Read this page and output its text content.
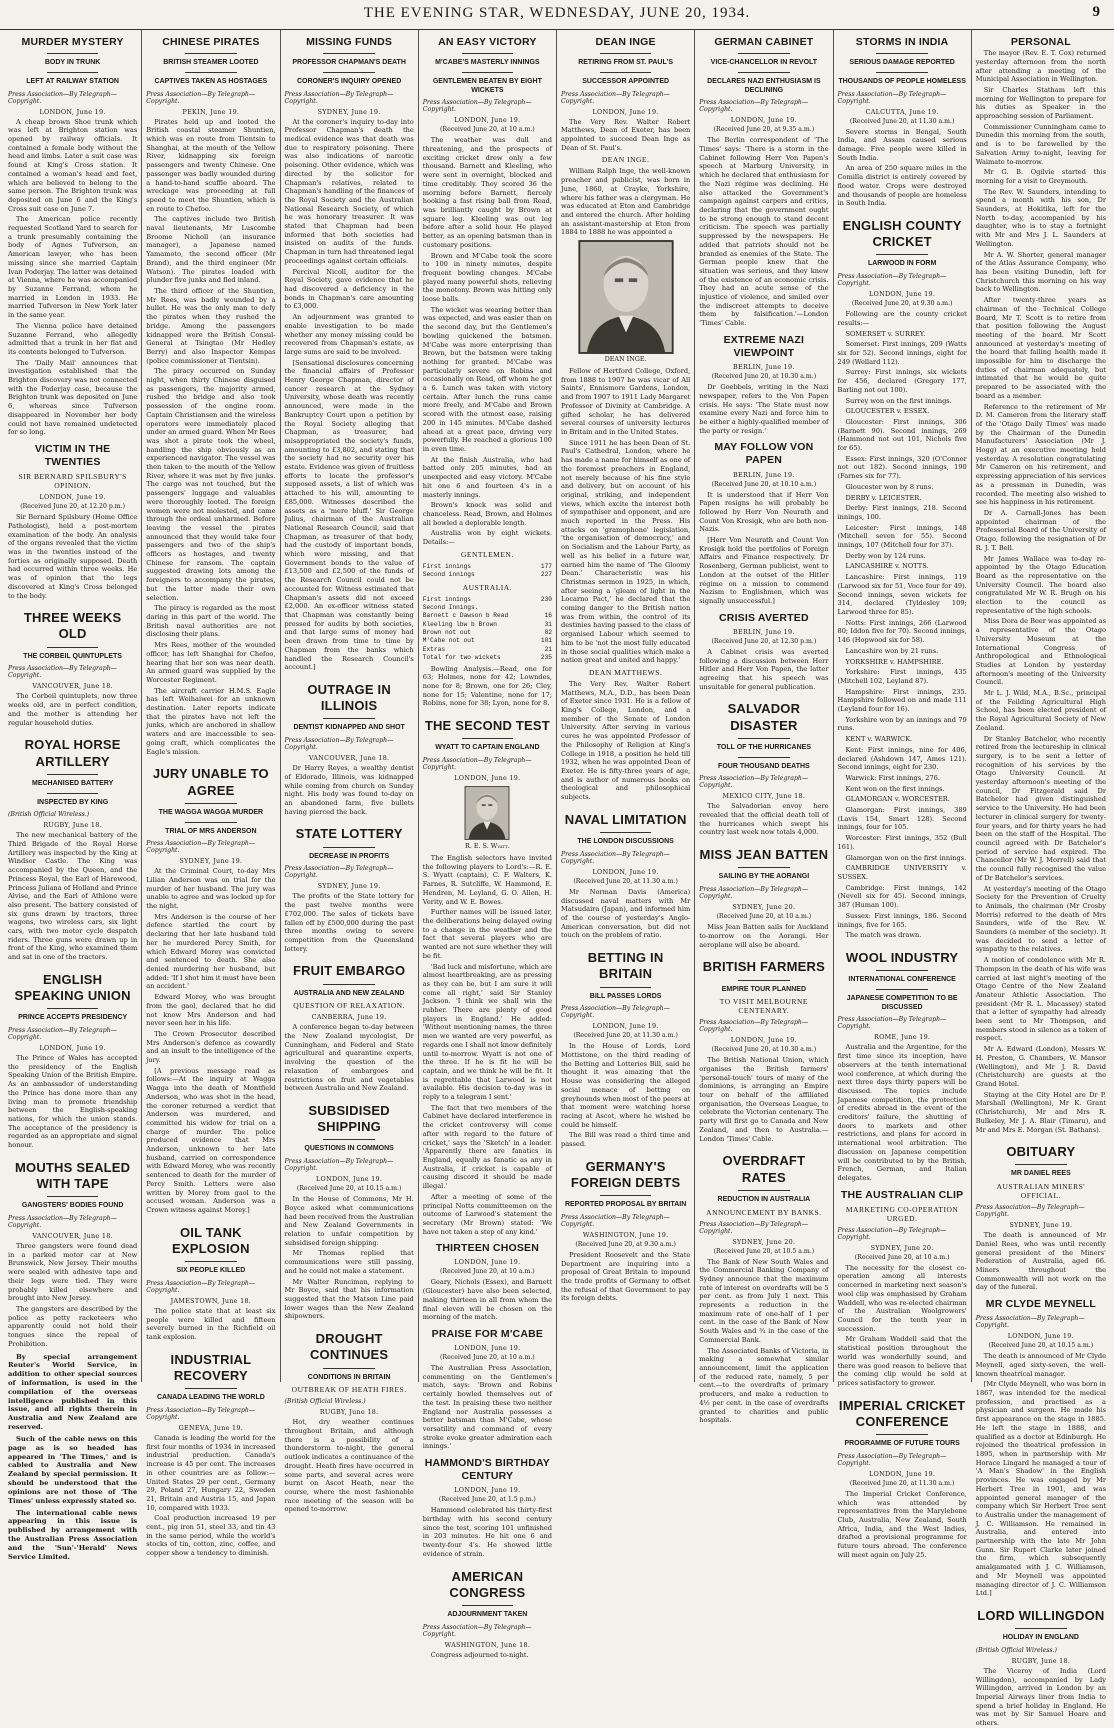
THE EVENING STAR, WEDNESDAY, JUNE 20, 1934.	9
MURDER MYSTERY
BODY IN TRUNK
LEFT AT RAILWAY STATION
Press Association—By Telegraph—Copyright.
LONDON, June 19.

A cheap brown Shoe trunk which was left at Brighton station was opened by railway officials. It contained a female body without the head and limbs. Later a suit case was found at King's Cross station. It contained a woman's head and feet, which are believed to belong to the same person. The Brighton trunk was deposited on June 6 and the King's Cross suit case on June 7.

The American police recently requested Scotland Yard to search for a trunk presumably containing the body of Agnes Tufverson, an American lawyer, who has been missing since she married Captain Ivan Poderjay. The latter was detained at Vienna, where he was accompanied by Suzanne Ferrand, whom he married in London in 1933. He married Tufverson in New York later in the same year.

The Vienna police have detained Suzanne Ferrand, who allegedly admitted that a trunk in her flat and its contents belonged to Tufverson.

The 'Daily Mail' announces that investigation established that the Brighton discovery was not connected with the Poderjay case, because the Brighton trunk was deposited on June 6, whereas since Tufverson disappeared in November her body could not have remained undetected for so long.

VICTIM IN THE TWENTIES
SIR BERNARD SPILSBURY'S OPINION.
LONDON, June 19.
(Received June 20, at 12.20 p.m.)

Sir Bernard Spilsbury (Home Office Pathologist), held a post-mortem examination of the body. An analysis of the organs revealed that the victim was in the twenties instead of the forties as originally supposed. Death had occurred within three weeks. He was of opinion that the legs discovered at King's Cross belonged to the body.

THREE WEEKS OLD
THE CORBEIL QUINTUPLETS
Press Association—By Telegraph—Copyright.
VANCOUVER, June 18.

The Corbeil quintuplets, now three weeks old, are in perfect condition, and the mother is attending her regular household duties.

ROYAL HORSE ARTILLERY
MECHANISED BATTERY
INSPECTED BY KING
(British Official Wireless.)
RUGBY, June 18.

The new mechanical battery of the Third Brigade of the Royal Horse Artillery was inspected by the King at Windsor Castle. The King was accompanied by the Queen, and the Princess Royal, the Earl of Harewood, Princess Juliana of Holland and Prince Alvise, and the Earl of Athlone were also present. The battery consisted of six guns drawn by tractors, three wagons, two wireless cars, six light cars, with two motor cycle despatch riders. Three guns were drawn up in front of the King, who examined them and sat in one of the tractors.

ENGLISH SPEAKING UNION
PRINCE ACCEPTS PRESIDENCY
Press Association—By Telegraph—Copyright.
LONDON, June 19.

The Prince of Wales has accepted the presidency of the English Speaking Union of the British Empire. As an ambassador of understanding the Prince has done more than any living man to promote friendship between the English-speaking nations, for which the union stands. The acceptance of the presidency is regarded as an appropriate and signal honour.

MOUTHS SEALED WITH TAPE
GANGSTERS' BODIES FOUND
Press Association—By Telegraph—Copyright.
VANCOUVER, June 18.

Three gangsters were found dead in a parked motor car at New Brunswick, New Jersey. Their mouths were sealed with adhesive tape and their legs were tied. They were probably killed elsewhere and brought into New Jersey.

The gangsters are described by the police as petty racketeers who apparently could not hold their tongues since the repeal of Prohibition.

By special arrangement Reuter's World Service, in addition to other special sources of information, is used in the compilation of the overseas intelligence published in this issue, and all rights therein in Australia and New Zealand are reserved.

Such of the cable news on this page as is so headed has appeared in 'The Times,' and is cabled to Australia and New Zealand by special permission. It should be understood that the opinions are not those of 'The Times' unless expressly stated so.

The international cable news appearing in this issue is published by arrangement with the Australian Press Association and the 'Sun'-'Herald' News Service Limited.

CHINESE PIRATES
BRITISH STEAMER LOOTED
CAPTIVES TAKEN AS HOSTAGES
Press Association—By Telegraph—Copyright.
PEKIN, June 19.

Pirates held up and looted the British coastal steamer Shuntien, which was en route from Tientsin to Shanghai, at the mouth of the Yellow River, kidnapping six foreign passengers and twenty Chinese. One passenger was badly wounded during a hand-to-hand scuffle aboard. The wreckage was proceeding at full speed to meet the Shuntien, which is en route to Chefoo.

The captives include two British naval lieutenants, Mr Luscombe Broome Nicholl (an insurance manager), a Japanese named Yamamoto, the second officer (Mr Brand), and the third engineer (Mr Watson). The pirates loaded with plunder five junks and fled inland.

The third officer of the Shuntien, Mr Rees, was badly wounded by a bullet. He was the only man to defy the pirates when they rushed the bridge. Among the passengers kidnapped were the British Consul-General at Tsingtao (Mr Hedley Berry) and also Inspector Kempas (police commissioner at Tientsin).

The piracy occurred on Sunday night, when thirty Chinese disguised as passengers, the majority armed, rushed the bridge and also took possession of the engine room. Captain Christiansen and the wireless operators were immediately placed under an armed guard. When Mr Rees was shot a pirate took the wheel, handling the ship obviously as an experienced navigator. The vessel was then taken to the mouth of the Yellow River, where it was met by five junks. The cargo was not touched, but the passengers' luggage and valuables were thoroughly looted. The foreign women were not molested, and came through the ordeal unharmed. Before leaving the vessel the pirates announced that they would take four passengers and two of the ship's officers as hostages, and twenty Chinese for ransom. The captain suggested drawing lots among the foreigners to accompany the pirates, but the latter made their own selection.

The piracy is regarded as the most daring in this part of the world. The British naval authorities are not disclosing their plans.

Mrs Rees, mother of the wounded officer, has left Shanghai for Chefoo, hearing that her son was near death. An armed guard was supplied by the Worcester Regiment.

The aircraft carrier H.M.S. Eagle has left Weihaiwei for an unknown destination. Later reports indicate that the pirates have not left the junks, which are anchored in shallow waters and are inaccessible to sea-going craft, which complicates the Eagle's mission.

JURY UNABLE TO AGREE
THE WAGGA WAGGA MURDER
TRIAL OF MRS ANDERSON
Press Association—By Telegraph—Copyright.
SYDNEY, June 19.

At the Criminal Court, to-day Mrs Lilian Anderson was on trial for the murder of her husband. The jury was unable to agree and was locked up for the night.

Mrs Anderson is the course of her defence startled the court by declaring that her late husband told her he murdered Percy Smith, for which Edward Morey was convicted and sentenced to death. She also denied murdering her husband, but added: 'If I shot him it must have been an accident.'

Edward Morey, who was brought from the gaol, declared that he did not know Mrs Anderson and had never seen her in his life.

The Crown Prosecutor described Mrs Anderson's defence as cowardly and an insult to the intelligence of the jury.

[A previous message read as follows:—At the inquiry at Wagga Wagga into the death of Montfield Anderson, who was shot in the head, the coroner returned a verdict that Anderson was murdered, and committed his widow for trial on a charge of murder. The police produced evidence that Mrs Anderson, unknown to her late husband, carried on correspondence with Edward Morey, who was recently sentenced to death for the murder of Percy Smith. Letters were also written by Morey from gaol to the accused woman. Anderson was a Crown witness against Morey.]

OIL TANK EXPLOSION
SIX PEOPLE KILLED
Press Association—By Telegraph—Copyright.
JAMESTOWN, June 18.

The police state that at least six people were killed and fifteen severely burned in the Richfield oil tank explosion.

INDUSTRIAL RECOVERY
CANADA LEADING THE WORLD
Press Association—By Telegraph—Copyright.
GENEVA, June 19.

Canada is leading the world for the first four months of 1934 in increased industrial production. Canada's increase is 45 per cent. The increases in other countries are as follow:—United States 29 per cent., Germany 29, Poland 27, Hungary 22, Sweden 21, Britain and Austria 15, and Japan 10, compared with 1933.

Coal production increased 19 per cent., pig iron 51, steel 33, and tin 43 in the same period, while the world's stocks of tin, cotton, zinc, coffee, and copper show a tendency to diminish.

MISSING FUNDS
PROFESSOR CHAPMAN'S DEATH
CORONER'S INQUIRY OPENED
Press Association—By Telegraph—Copyright.
SYDNEY, June 19.

At the coroner's inquiry to-day into Professor Chapman's death the medical evidence was that death was due to respiratory poisoning. There was also indications of narcotic poisoning. Other evidence, which was directed by the solicitor for Chapman's relatives, related to Chapman's handling of the finances of the Royal Society and the Australian National Research Society, of which he was honorary treasurer. It was stated that Chapman had been informed that both societies had insisted on audits of the funds. Chapman in turn had threatened legal proceedings against certain officials.

Percival Nicoll, auditor for the Royal Society, gave evidence that he had discovered a deficiency in the bonds in Chapman's care amounting to £3,000.

An adjournment was granted to enable investigation to be made whether any money missing could be recovered from Chapman's estate, as large sums are said to be involved.

[Sensational disclosures concerning the financial affairs of Professor Henry George Chapman, director of cancer research at the Sydney University, whose death was recently announced, were made in the Bankruptcy Court upon a petition by the Royal Society alleging that Chapman, as treasurer, had misappropriated the society's funds, amounting to £3,802, and stating that the society had no security over his estate. Evidence was given of fruitless efforts to locate the professor's supposed assets, a list of which was attached to his will, amounting to £85,000. Witnesses described the assets as a 'mere bluff.' Sir George Julius, chairman of the Australian National Research Council, said that Chapman, as treasurer of that body, had the custody of important bonds, which were missing, and that Government bonds to the value of £13,500 and £2,500 of the funds of the Research Council could not be accounted for. Witness estimated that Chapman's assets did not exceed £2,000. An ex-officer witness stated that Chapman was constantly being pressed for audits by both societies, and that large sums of money had been drawn from time to time by Chapman from the banks which handled the Research Council's account.]

OUTRAGE IN ILLINOIS
DENTIST KIDNAPPED AND SHOT
Press Association—By Telegraph—Copyright.
VANCOUVER, June 18.

Dr Harry Reyes, a wealthy dentist of Eldorado, Illinois, was kidnapped while coming from church on Sunday night. His body was found to-day on an abandoned farm, five bullets having pierced the back.

STATE LOTTERY
DECREASE IN PROFITS
Press Association—By Telegraph—Copyright.
SYDNEY, June 19.

The profits of the State lottery for the past twelve months were £702,000. The sales of tickets have fallen off by £500,000 during the past three months owing to severe competition from the Queensland lottery.

FRUIT EMBARGO
AUSTRALIA AND NEW ZEALAND
QUESTION OF RELAXATION.
CANBERRA, June 19.

A conference began to-day between the New Zealand mycologist, Dr Cunningham, and Federal and State agricultural and quarantine experts, involving the question of the relaxation of embargoes and restrictions on fruit and vegetables between Australia and New Zealand.

SUBSIDISED SHIPPING
QUESTIONS IN COMMONS
Press Association—By Telegraph—Copyright.
LONDON, June 19.
(Received June 20, at 10.15 a.m.)

In the House of Commons, Mr H. Boyce asked what communications had been received from the Australian and New Zealand Governments in relation to unfair competition by subsidised foreign shipping.

Mr Thomas replied that communications were still passing, and he could not make a statement.

Mr Walter Runciman, replying to Mr Boyce, said that his information suggested that the Matson Line paid lower wages than the New Zealand shipowners.

DROUGHT CONTINUES
CONDITIONS IN BRITAIN
OUTBREAK OF HEATH FIRES.
(British Official Wireless.)
RUGBY, June 18.

Hot, dry weather continues throughout Britain, and although there is a possibility of a thunderstorm to-night, the general outlook indicates a continuance of the drought. Heath fires have occurred in some parts, and several acres were burnt on Ascot Heath, near the course, where the most fashionable race meeting of the season will be opened to-morrow.

AN EASY VICTORY
M'CABE'S MASTERLY INNINGS
GENTLEMEN BEATEN BY EIGHT WICKETS
Press Association—By Telegraph—Copyright.
LONDON, June 19.
(Received June 20, at 10 a.m.)

The weather was dull and threatening, and the prospects of exciting cricket drew only a few thousand. Barnett and Kleeling, who were sent in overnight, blocked and time creditably. They scored 36 the morning before Barnett, fiercely hooking a fast rising ball from Read, was brilliantly caught by Brown at square leg. Kleeling was out leg before after a solid hour. He played better, as an opening batsman than in customary positions.

Brown and M'Cabe took the score to 100 in ninety minutes, despite frequent bowling changes. M'Cabe played many powerful shots, relieving the monotony. Brown was hitting only loose balls.

The wicket was wearing better than was expected, and was easier than on the second day, but the Gentlemen's bowling quickened the batsmen. M'Cabe was more enterprising than Brown, but the batsmen were taking nothing for granted. M'Cabe was particularly severe on Robins and occasionally on Read, off whom he got a 6. Lunch was taken with victory certain. After lunch the runs came more freely, and M'Cabe and Brown scored with the utmost ease, raising 200 in 145 minutes. M'Cabe dashed ahead at a great pace, driving very powerfully. He reached a glorious 100 in even time.

At the finish Australia, who had batted only 205 minutes, had an unexpected and easy victory. M'Cabe hit one 6 and fourteen 4's in a masterly innings.

Brown's knock was solid and chanceless. Read, Brown, and Holmes all bowled a deplorable length.

Australia won by eight wickets. Details:—

GENTLEMEN.
First innings	177
Second innings	227
AUSTRALIA.
First innings	230
Second Innings.
Barnett c Dawson b Read	16
Kleeling lbw b Brown	31
Brown not out	82
M'Cabe not out	101
Extras	21
Total for two wickets	235

Bowling Analysis.—Read, one for 63; Holmes, none for 42; Lowndes, none for 8; Brown, one for 26; Cley, none for 15; Valentine, none for 17; Robins, none for 38; Lyon, none for 8.

THE SECOND TEST
WYATT TO CAPTAIN ENGLAND
Press Association—By Telegraph—Copyright.
LONDON, June 19.
R. E. S. Wyatt.

The English selectors have invited the following players to Lord's:—R. E. S. Wyatt (captain), C. F. Walters, K. Farnes, R. Sutcliffe, W. Hammond, E. Hendren, M. Leyland, G. O. Allen, H. Verity, and W. E. Bowes.

Further names will be issued later, the deliberations being delayed owing to a change in the weather and the fact that several players who are wanted are not sure whether they will be fit.

'Bad luck and misfortune, which are almost heartbreaking, are as pressing as they can be, but I am sure it will come all right,' said Sir Stanley Jackson. 'I think we shall win the rubber. There are plenty of good players in England.' He added: 'Without mentioning names, the three men we wanted are very powerful, as regards one I shall not know definitely until to-morrow. Wyatt is not one of the three. If he is fit he will be captain, and we think he will be fit. It is regrettable that Larwood is not available. His decision to-day was in reply to a telegram I sent.'

The fact that two members of the Cabinet have declared interference in the cricket controversy will come after with regard to the future of cricket,' says the 'Sketch' in a leader. 'Apparently there are fanatics in England, equally as fanatic as any in Australia, if cricket is capable of causing discord it should be made illegal.'

After a meeting of some of the principal Notts committeemen on the outcome of Larwood's statement the secretary (Mr Brown) stated: 'We have not taken a step of any kind.'

THIRTEEN CHOSEN
LONDON, June 19.
(Received June 20, at 10 a.m.)

Geary, Nichols (Essex), and Barnett (Gloucester) have also been selected, making thirteen in all from whom the final eleven will be chosen on the morning of the match.

PRAISE FOR M'CABE
LONDON, June 19.
(Received June 20, at 10 a.m.)

The Australian Press Association, commenting on the Gentlemen's match, says: 'Brown and Robins certainly bowled themselves out of the test. In praising these two neither England nor Australia possesses a better batsman than M'Cabe, whose versatility and command of every stroke evoke greater admiration each innings.'

HAMMOND'S BIRTHDAY CENTURY
LONDON, June 19.
(Received June 20, at 1.5 p.m.)

Hammond celebrated his thirty-first birthday with his second century since the test, scoring 101 unfinished in 203 minutes. He hit one 6 and twenty-four 4's. He showed little evidence of strain.

AMERICAN CONGRESS
ADJOURNMENT TAKEN
Press Association—By Telegraph—Copyright.
WASHINGTON, June 18.

Congress adjourned to-night.

DEAN INGE
RETIRING FROM ST. PAUL'S
SUCCESSOR APPOINTED
Press Association—By Telegraph—Copyright.
LONDON, June 19.

The Very Rev. Walter Robert Matthews, Dean of Exeter, has been appointed to succeed Dean Inge as Dean of St. Paul's.

DEAN INGE.

William Ralph Inge, the well-known preacher and publicist, was born in June, 1860, at Crayke, Yorkshire, where his father was a clergyman. He was educated at Eton and Cambridge and entered the church. After holding an assistant-mastership at Eton from 1884 to 1888 he was appointed a

DEAN INGE.

Fellow of Hertford College, Oxford, from 1888 to 1907 he was vicar of All Saints', Ennismore Gardens, London, and from 1907 to 1911 Lady Margaret Professor of Divinity at Cambridge. A gifted scholar, he has delivered several courses of university lectures in Britain and in the United States.

Since 1911 he has been Dean of St. Paul's Cathedral, London, where he has made a name for himself as one of the foremost preachers in England, not merely because of his fine style and delivery, but on account of his original, striking, and independent views, which excite the interest both of sympathiser and opponent, and are much reported in the Press. His attacks on 'gramophone' legislation, 'the organisation of democracy,' and on Socialism and the Labour Party, as well as his belief in a future war, earned him the name of 'The Gloomy Dean.' Characteristic was his Christmas sermon in 1925, in which, after seeing a 'gleam of light in the Locarno Pact,' he declared that the coming danger to the British nation was from within, the control of its destinies having passed to the class of organised Labour which seemed to him to be 'not the most fully educated in those social qualities which make a nation great and united and happy.'

DEAN MATTHEWS.

The Very Rev. Walter Robert Matthews, M.A., D.D., has been Dean of Exeter since 1931. He is a fellow of King's College, London, and a member of the Senate of London University. After serving in various cures he was appointed Professor of the Philosophy of Religion at King's College in 1918, a position he held till 1932, when he was appointed Dean of Exeter. He is fifty-three years of age, and is author of numerous books on theological and philosophical subjects.

NAVAL LIMITATION
THE LONDON DISCUSSIONS
Press Association—By Telegraph—Copyright.
LONDON, June 19.
(Received June 20, at 11.30 a.m.)

Mr Norman Davis (America) discussed naval matters with Mr Matsudaira (Japan), and informed him of the course of yesterday's Anglo-American conversation, but did not touch on the problem of ratio.

BETTING IN BRITAIN
BILL PASSES LORDS
Press Association—By Telegraph—Copyright.
LONDON, June 19.
(Received June 20, at 11.30 a.m.)

In the House of Lords, Lord Mottistone, on the third reading of the Betting and Lotteries Bill, said he thought it was amazing that the House was considering the alleged social menace of betting on greyhounds when most of the peers at that moment were watching horse racing at Ascot, where he wished he could be himself.

The Bill was read a third time and passed.

GERMANY'S FOREIGN DEBTS
REPORTED PROPOSAL BY BRITAIN
Press Association—By Telegraph—Copyright.
WASHINGTON, June 19.
(Received June 20, at 9.30 a.m.)

President Roosevelt and the State Department are inquiring into a proposal of Great Britain to impound the trade profits of Germany to offset the refusal of that Government to pay its foreign debts.

GERMAN CABINET
VICE-CHANCELLOR IN REVOLT
DECLARES NAZI ENTHUSIASM IS DECLINING
Press Association—By Telegraph—Copyright.
LONDON, June 19.
(Received June 20, at 9.35 a.m.)

The Berlin correspondent of 'The Times' says: 'There is a storm in the Cabinet following Herr Von Papen's speech at Marburg University, in which he declared that enthusiasm for the Nazi régime was declining. He also attacked the Government's campaign against carpers and critics, declaring that the government ought to be strong enough to stand decent criticism. The speech was partially suppressed by the newspapers. He added that patriots should not be branded as enemies of the State. The German people knew that the situation was serious, and they knew of the existence of an economic crisis. They had an acute sense of the injustice of violence, and smiled over the indiscreet attempts to deceive them by falsification.'—London 'Times' Cable.

EXTREME NAZI VIEWPOINT
BERLIN, June 19.
(Received June 20, at 10.30 a.m.)

Dr Goebbels, writing in the Nazi newspaper, refers to the Von Papen crisis. He says: 'The State must now examine every Nazi and force him to be either a highly-qualified member of the party or resign.'

MAY FOLLOW VON PAPEN
BERLIN, June 19.
(Received June 20, at 10.10 a.m.)

It is understood that if Herr Von Papen resigns he will probably be followed by Herr Von Neurath and Count Von Krosigk, who are both non-Nazis.

[Herr Von Neurath and Count Von Krosigk hold the portfolios of Foreign Affairs and Finance respectively. Dr Rosenberg, German publicist, went to London at the outset of the Hitler régime on a mission to commend Nazism to Englishmen, which was signally unsuccessful.]

CRISIS AVERTED
BERLIN, June 19.
(Received June 20, at 12.30 p.m.)

A Cabinet crisis was averted following a discussion between Herr Hitler and Herr Von Papen, the latter agreeing that his speech was unsuitable for general publication.

SALVADOR DISASTER
TOLL OF THE HURRICANES
FOUR THOUSAND DEATHS
Press Association—By Telegraph—Copyright.
MEXICO CITY, June 18.

The Salvadorian envoy here revealed that the official death toll of the hurricanes which swept his country last week now totals 4,000.

MISS JEAN BATTEN
SAILING BY THE AORANGI
Press Association—By Telegraph—Copyright.
SYDNEY, June 20.
(Received June 20, at 10 a.m.)

Miss Jean Batten sails for Auckland to-morrow on the Aorangi. Her aeroplane will also be aboard.

BRITISH FARMERS
EMPIRE TOUR PLANNED
TO VISIT MELBOURNE CENTENARY.
Press Association—By Telegraph—Copyright.
LONDON, June 19.
(Received June 20, at 10.30 a.m.)

The British National Union, which organises the British farmers' 'personal-touch' tours of many of the dominions, is arranging an Empire tour on behalf of the affiliated organisation, the Overseas League, to celebrate the Victorian centenary. The party will first go to Canada and New Zealand, and then to Australia.—London 'Times' Cable.

OVERDRAFT RATES
REDUCTION IN AUSTRALIA
ANNOUNCEMENT BY BANKS.
Press Association—By Telegraph—Copyright.
SYDNEY, June 20.
(Received June 20, at 10.5 a.m.)

The Bank of New South Wales and the Commercial Banking Company of Sydney announce that the maximum rate of interest on overdrafts will be 5 per cent. as from July 1 next. This represents a reduction in the maximum rate of one-half of 1 per cent. in the case of the Bank of New South Wales and ¾ in the case of the Commercial Bank.

The Associated Banks of Victoria, in making a somewhat similar announcement, limit the application of the reduced rate, namely, 5 per cent.—to the overdrafts of primary producers, and make a reduction to 4½ per cent. in the case of overdrafts granted to charities and public hospitals.

STORMS IN INDIA
SERIOUS DAMAGE REPORTED
THOUSANDS OF PEOPLE HOMELESS
Press Association—By Telegraph—Copyright.
CALCUTTA, June 19.
(Received June 20, at 11.30 a.m.)

Severe storms in Bengal, South India, and Assam caused serious damage. Five people were killed in South India.

An area of 250 square miles in the Comilla district is entirely covered by flood water. Crops were destroyed and thousands of people are homeless in South India.

ENGLISH COUNTY CRICKET
LARWOOD IN FORM
Press Association—By Telegraph—Copyright.
LONDON, June 19.
(Received June 20, at 9.30 a.m.)

Following are the county cricket results:—

SOMERSET v. SURREY.

Somerset: First innings, 209 (Watts six for 52). Second innings, eight for 249 (Wellard 112).

Surrey: First innings, six wickets for 456, declared (Gregory 177, Barling not out 100).

Surrey won on the first innings.

GLOUCESTER v. ESSEX.

Gloucester: First innings, 306 (Barnett 90). Second innings, 269 (Hammond not out 101, Nichols five for 65).

Essex: First innings, 320 (O'Connor not out 182). Second innings, 190 (Farnes six for 77).

Gloucester won by 8 runs.

DERBY v. LEICESTER.

Derby: First innings, 218. Second innings, 100.

Leicester: First innings, 148 (Mitchell seven for 55). Second innings, 107 (Mitchell four for 37).

Derby won by 124 runs.

LANCASHIRE v. NOTTS.

Lancashire: First innings, 119 (Larwood six for 51, Voce four for 49). Second innings, seven wickets for 314, declared (Tyldesley 109; Larwood three for 85).

Notts: First innings, 266 (Larwood 80; Iddon five for 70). Second innings, 146 (Hopwood six for 58).

Lancashire won by 21 runs.

YORKSHIRE v. HAMPSHIRE.

Yorkshire: First innings, 435 (Mitchell 102, Leyland 87).

Hampshire: First innings, 235. Hampshire followed on and made 111 (Leyland four for 16).

Yorkshire won by an innings and 79 runs.

KENT v. WARWICK.

Kent: First innings, nine for 406, declared (Ashdown 147, Ames 121). Second innings, eight for 230.

Warwick: First innings, 276.

Kent won on the first innings.

GLAMORGAN v. WORCESTER.

Glamorgan: First innings, 389 (Lavis 154, Smart 128). Second innings, four for 105.

Worcester: First innings, 352 (Bull 161).

Glamorgan won on the first innings.

CAMBRIDGE UNIVERSITY v. SUSSEX.

Cambridge: First innings, 142 (Nevell six for 45). Second innings, 387 (Human 100).

Sussex: First innings, 186. Second innings, five for 165.

The match was drawn.

WOOL INDUSTRY
INTERNATIONAL CONFERENCE
JAPANESE COMPETITION TO BE DISCUSSED
Press Association—By Telegraph—Copyright.
ROME, June 19.

Australia and the Argentine, for the first time since its inception, have observers at the tenth international wool conference, at which during the next three days thirty papers will be discussed. The topics include Japanese competition, the protection of credits abroad in the event of the creditors' failure, the shutting of doors to markets and other restrictions, and plans for accord in international wool arbitration. The discussion on Japanese competition will be contributed to by the British, French, German, and Italian delegates.

THE AUSTRALIAN CLIP
MARKETING CO-OPERATION URGED.
Press Association—By Telegraph—Copyright.
SYDNEY, June 20.
(Received June 20, at 10 a.m.)

The necessity for the closest co-operation among all interests concerned in marketing next season's wool clip was emphasised by Graham Waddell, who was re-elected chairman of the Australian Woolgrowers' Council for the tenth year in succession.

Mr Graham Waddell said that the statistical position throughout the world was wonderfully sound, and there was good reason to believe that the coming clip would be sold at prices satisfactory to grower.

IMPERIAL CRICKET CONFERENCE
PROGRAMME OF FUTURE TOURS
Press Association—By Telegraph—Copyright.
LONDON, June 19.
(Received June 20, at 11.30 a.m.)

The Imperial Cricket Conference, which was attended by representatives from the Marylebone Club, Australia, New Zealand, South Africa, India, and the West Indies, drafted a provisional programme for future tours abroad. The conference will meet again on July 25.

PERSONAL

The mayor (Rev. E. T. Cox) returned yesterday afternoon from the north after attending a meeting of the Municipal Association in Wellington.

Sir Charles Statham left this morning for Wellington to prepare for his duties as Speaker in the approaching session of Parliament.

Commissioner Cunningham came to Dunedin this morning from the south, and is to be farewelled by the Salvation Army to-night, leaving for Waimate to-morrow.

Mr G. B. Ogilvie started this morning for a visit to Greymouth.

The Rev. W. Saunders, intending to spend a month with his son, Dr Saunders, at Hokitika, left for the North to-day, accompanied by his daughter, who is to stay a fortnight with Mr and Mrs J. L. Saunders at Wellington.

Mr A. W. Shorter, general manager of the Atlas Assurance Company, who has been visiting Dunedin, left for Christchurch this morning on his way back to Wellington.

After twenty-three years as chairman of the Technical College Board, Mr T. Scott is to retire from that position following the August meeting of the board. Mr Scott announced at yesterday's meeting of the board that failing health made it impossible for him to discharge the duties of chairman adequately, but intimated that he would be quite prepared to be associated with the board as a member.

Reference to the retirement of Mr D. M. Cameron from the literary staff of the 'Otago Daily Times' was made by the Chairman of the Dunedin Manufacturers' Association (Mr J. Hogg) at an executive meeting held yesterday. A resolution congratulating Mr Cameron on his retirement, and expressing appreciation of his services as a pressman in Dunedin, was recorded. The meeting also wished to see his happiness in his retirement.

Dr A. Carnall-Jones has been appointed chairman of the Professorial Board of the University of Otago, following the resignation of Dr R. J. T. Bell.

Mr James Wallace was to-day re-appointed by the Otago Education Board as the representative on the University Council. The board also congratulated Mr W. R. Brugh on his election to the council as representative of the high schools.

Miss Dora de Beer was appointed as a representative of the Otago University Museum at the International Congress of Anthropological and Ethnological Studies at London by yesterday afternoon's meeting of the University Council.

Mr L. J. Wild, M.A., B.Sc., principal of the Feilding Agricultural High School, has been elected president of the Royal Agricultural Society of New Zealand.

Dr Stanley Batchelor, who recently retired from the lectureship in clinical surgery, is to be sent a letter of recognition of his services by the Otago University Council. At yesterday afternoon's meeting of the council, Dr Fitzgerald said Dr Batchelor had given distinguished service to the University. He had been lecturer in clinical surgery for twenty-four years, and for thirty years he had been on the staff of the Hospital. The council agreed with Dr Batchelor's period of service had expired. The Chancellor (Mr W. J. Morrell) said that the council fully recognised the value of Dr Batchelor's services.

At yesterday's meeting of the Otago Society for the Prevention of Cruelty to Animals, the chairman (Mr Crosby Morris) referred to the death of Mrs Saunders, wife of the Rev. W. Saunders (a member of the society). It was decided to send a letter of sympathy to the relatives.

A motion of condolence with Mr R. Thompson in the death of his wife was carried at last night's meeting of the Otago Centre of the New Zealand Amateur Athletic Association. The president (Mr R. L. Macassey) stated that a letter of sympathy had already been sent to Mr Thompson, and members stood in silence as a token of respect.

Mr A. Edward (London), Messrs W. H. Preston, G. Chambers, W. Mansor (Wellington), and Mr J. R. David (Christchurch) are guests at the Grand Hotel.

Staying at the City Hotel are Dr P. Marshall (Wellington), Mr K. Grant (Christchurch), Mr and Mrs R. Bulkeley, Mr J. A. Blair (Timaru), and Mr and Mrs E. Morgan (St. Bathans).

OBITUARY
MR DANIEL REES
AUSTRALIAN MINERS' OFFICIAL.
Press Association—By Telegraph—Copyright.
SYDNEY, June 19.

The death is announced of Mr Daniel Rees, who was until recently general president of the Miners' Federation of Australia, aged 66. Miners throughout the Commonwealth will not work on the day of the funeral.

MR CLYDE MEYNELL
Press Association—By Telegraph—Copyright.
LONDON, June 19.
(Received June 20, at 10.15 a.m.)

The death is announced of Mr Clyde Meynell, aged sixty-seven, the well-known theatrical manager.

[Mr Clyde Meynell, who was born in 1867, was intended for the medical profession, and practised as a physician and surgeon. He made his first appearance on the stage in 1885. He left the stage in 1888, and qualified as a doctor at Edinburgh. He rejoined the theatrical profession in 1895, when in partnership with Mr Horace Lingard he managed a tour of 'A Man's Shadow' in the English provinces. He was engaged by Mr Herbert Tree in 1901, and was appointed general manager of the company which Sir Herbert Tree sent to Australia under the management of J. C. Williamson. He remained in Australia, and entered into partnership with the late Mr John Gunn. Sir Rupert Clarke later joined the firm, which subsequently amalgamated with J. C. Williamson, and Mr Meynell was appointed managing director of J. C. Williamson Ltd.]

LORD WILLINGDON
HOLIDAY IN ENGLAND
(British Official Wireless.)
RUGBY, June 18.

The Viceroy of India (Lord Willingdon), accompanied by Lady Willingdon, arrived in London by an Imperial Airways liner from India to spend a brief holiday in England. He was met by Sir Samuel Hoare and others.
